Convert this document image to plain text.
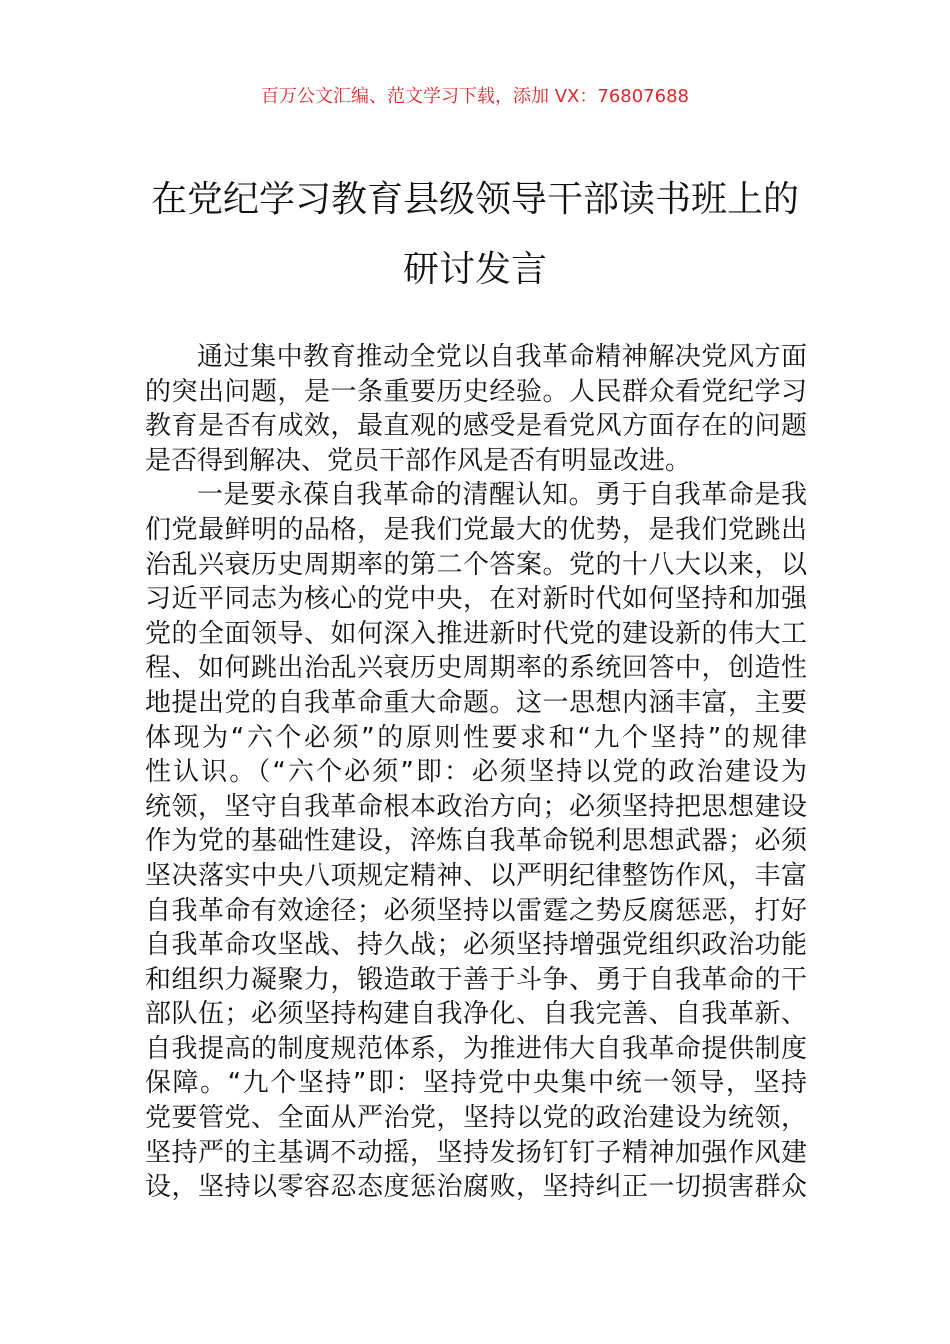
百万公文汇编、范文学习下载，添加 VX：76807688
在党纪学习教育县级领导干部读书班上的
研讨发言
通过集中教育推动全党以自我革命精神解决党风方面
的突出问题，是一条重要历史经验。人民群众看党纪学习
教育是否有成效，最直观的感受是看党风方面存在的问题
是否得到解决、党员干部作风是否有明显改进。
一是要永葆自我革命的清醒认知。勇于自我革命是我
们党最鲜明的品格，是我们党最大的优势，是我们党跳出
治乱兴衰历史周期率的第二个答案。党的十八大以来，以
习近平同志为核心的党中央，在对新时代如何坚持和加强
党的全面领导、如何深入推进新时代党的建设新的伟大工
程、如何跳出治乱兴衰历史周期率的系统回答中，创造性
地提出党的自我革命重大命题。这一思想内涵丰富，主要
体现为“六个必须”的原则性要求和“九个坚持”的规律
性认识。（“六个必须”即：必须坚持以党的政治建设为
统领，坚守自我革命根本政治方向；必须坚持把思想建设
作为党的基础性建设，淬炼自我革命锐利思想武器；必须
坚决落实中央八项规定精神、以严明纪律整饬作风，丰富
自我革命有效途径；必须坚持以雷霆之势反腐惩恶，打好
自我革命攻坚战、持久战；必须坚持增强党组织政治功能
和组织力凝聚力，锻造敢于善于斗争、勇于自我革命的干
部队伍；必须坚持构建自我净化、自我完善、自我革新、
自我提高的制度规范体系，为推进伟大自我革命提供制度
保障。“九个坚持”即：坚持党中央集中统一领导，坚持
党要管党、全面从严治党，坚持以党的政治建设为统领，
坚持严的主基调不动摇，坚持发扬钉钉子精神加强作风建
设，坚持以零容忍态度惩治腐败，坚持纠正一切损害群众
